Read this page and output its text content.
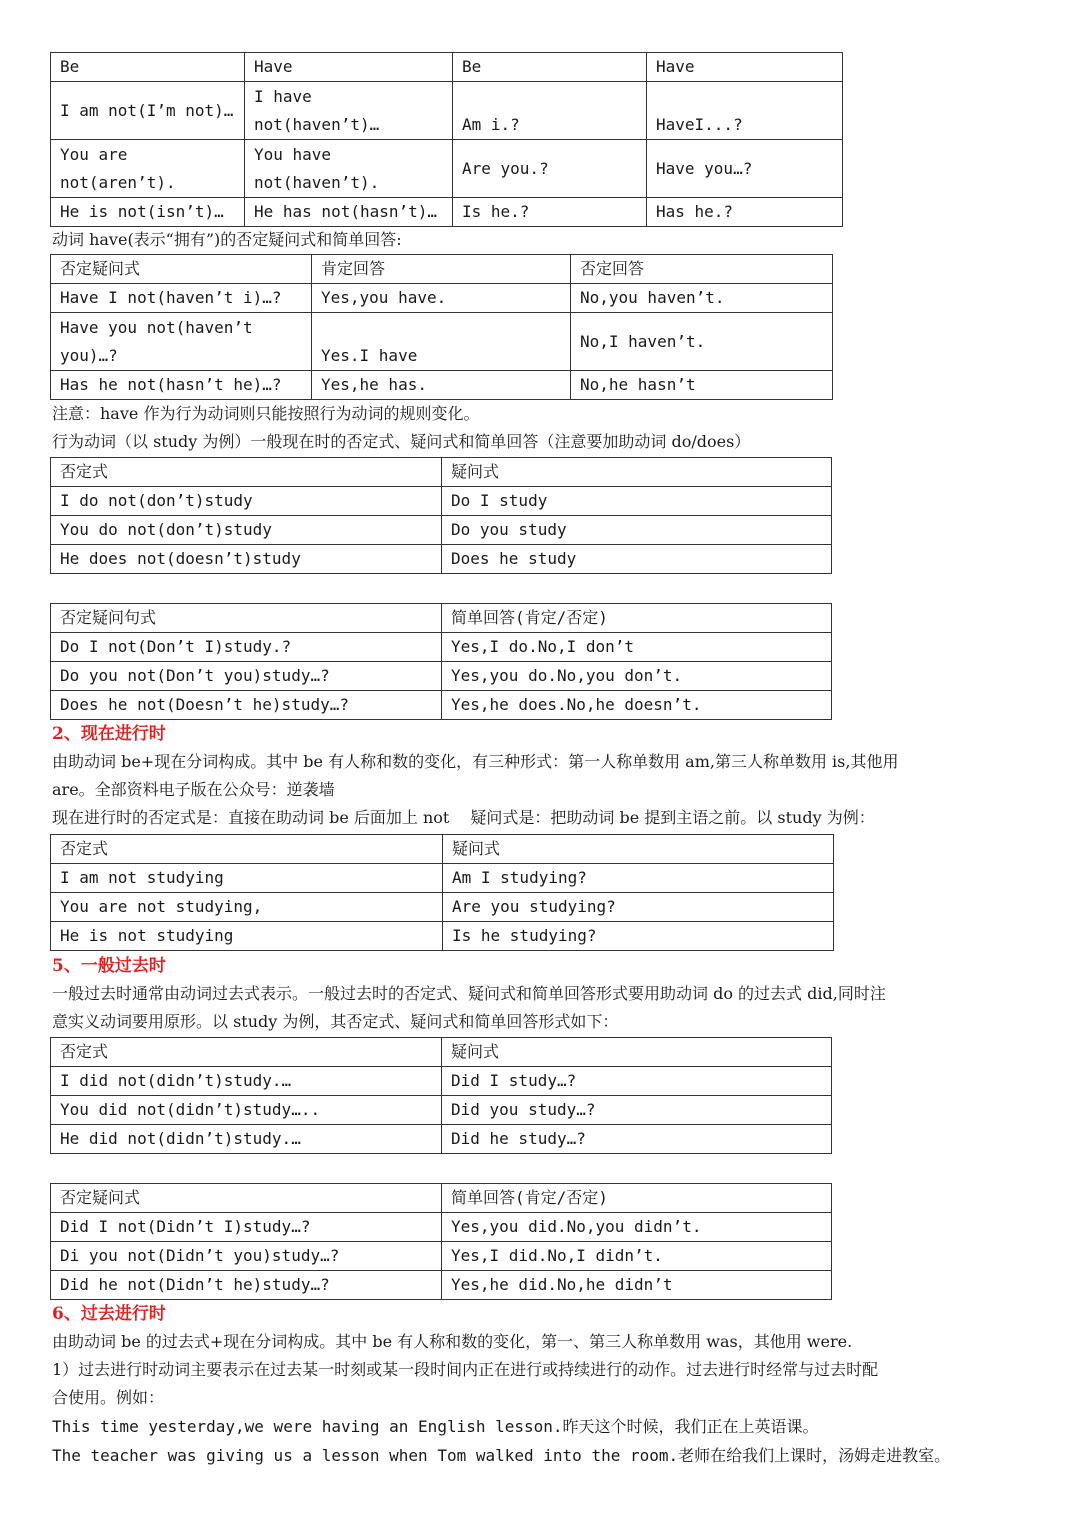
Be	Have	Be	Have
I am not(I’m not)…	I have not(haven’t)…	Am i.?	HaveI...?
You are not(aren’t).	You have not(haven’t).	Are you.?	Have you…?
He is not(isn’t)…	He has not(hasn’t)…	Is he.?	Has he.?
动词 have(表示“拥有”)的否定疑问式和简单回答:
否定疑问式	肯定回答	否定回答
Have I not(haven’t i)…?	Yes,you have.	No,you haven’t.
Have you not(haven’t you)…?	Yes.I have	No,I haven’t.
Has he not(hasn’t he)…?	Yes,he has.	No,he hasn’t
注意：have 作为行为动词则只能按照行为动词的规则变化。
行为动词（以 study 为例）一般现在时的否定式、疑问式和简单回答（注意要加助动词 do/does）
否定式	疑问式
I do not(don’t)study	Do I study
You do not(don’t)study	Do you study
He does not(doesn’t)study	Does he study
否定疑问句式	简单回答(肯定/否定)
Do I not(Don’t I)study.?	Yes,I do.No,I don’t
Do you not(Don’t you)study…?	Yes,you do.No,you don’t.
Does he not(Doesn’t he)study…?	Yes,he does.No,he doesn’t.
2、现在进行时
由助动词 be+现在分词构成。其中 be 有人称和数的变化，有三种形式：第一人称单数用 am,第三人称单数用 is,其他用
are。全部资料电子版在公众号：逆袭墙
现在进行时的否定式是：直接在助动词 be 后面加上 not　 疑问式是：把助动词 be 提到主语之前。以 study 为例：
否定式	疑问式
I am not studying	Am I studying?
You are not studying,	Are you studying?
He is not studying	Is he studying?
5、一般过去时
一般过去时通常由动词过去式表示。一般过去时的否定式、疑问式和简单回答形式要用助动词 do 的过去式 did,同时注
意实义动词要用原形。以 study 为例，其否定式、疑问式和简单回答形式如下：
否定式	疑问式
I did not(didn’t)study.…	Did I study…?
You did not(didn’t)study…..	Did you study…?
He did not(didn’t)study.…	Did he study…?
否定疑问式	简单回答(肯定/否定)
Did I not(Didn’t I)study…?	Yes,you did.No,you didn’t.
Di you not(Didn’t you)study…?	Yes,I did.No,I didn’t.
Did he not(Didn’t he)study…?	Yes,he did.No,he didn’t
6、过去进行时
由助动词 be 的过去式+现在分词构成。其中 be 有人称和数的变化，第一、第三人称单数用 was，其他用 were.
1）过去进行时动词主要表示在过去某一时刻或某一段时间内正在进行或持续进行的动作。过去进行时经常与过去时配
合使用。例如：
This time yesterday,we were having an English lesson.昨天这个时候，我们正在上英语课。
The teacher was giving us a lesson when Tom walked into the room.老师在给我们上课时，汤姆走进教室。
